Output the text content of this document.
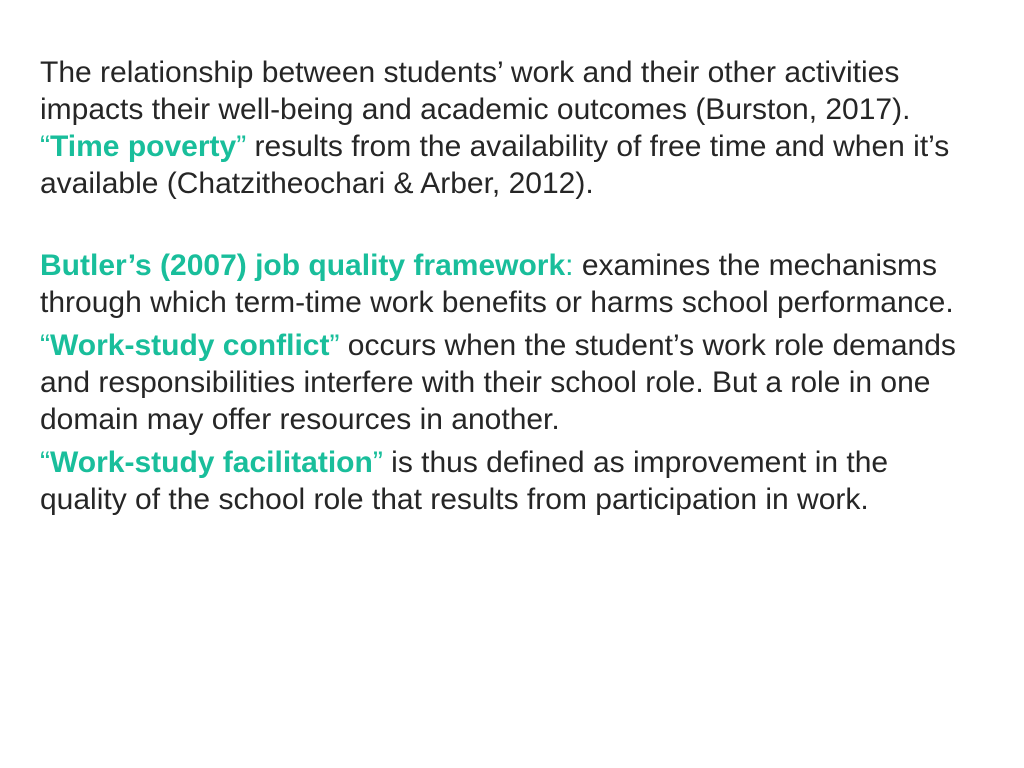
The relationship between students’ work and their other activities impacts their well-being and academic outcomes (Burston, 2017). “Time poverty” results from the availability of free time and when it’s available (Chatzitheochari & Arber, 2012).

Butler’s (2007) job quality framework: examines the mechanisms through which term-time work benefits or harms school performance.

“Work-study conflict” occurs when the student’s work role demands and responsibilities interfere with their school role. But a role in one domain may offer resources in another.

“Work-study facilitation” is thus defined as improvement in the quality of the school role that results from participation in work.
